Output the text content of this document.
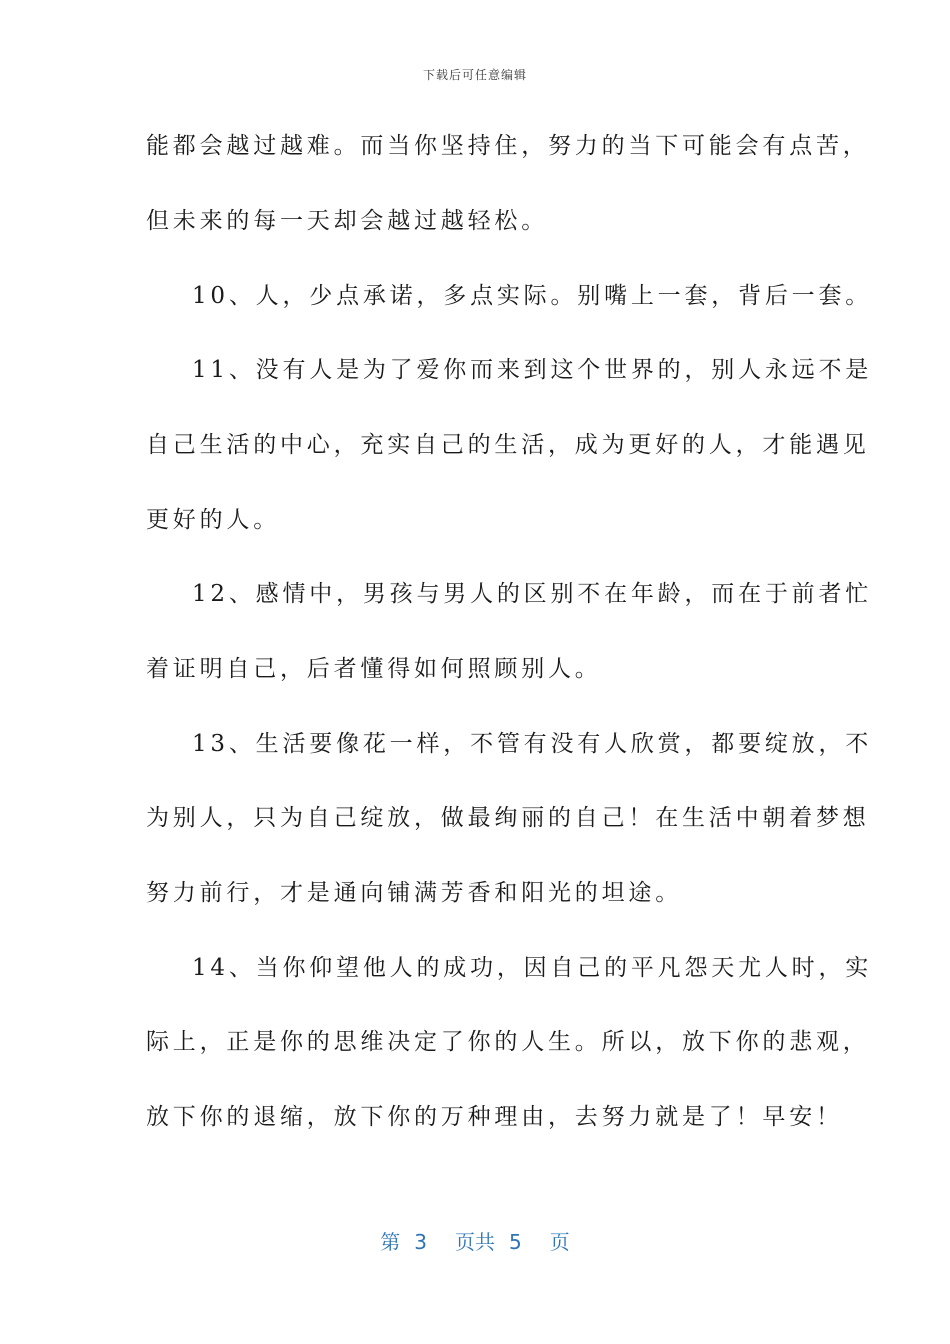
下载后可任意编辑
能都会越过越难。而当你坚持住，努力的当下可能会有点苦，
但未来的每一天却会越过越轻松。
10、人，少点承诺，多点实际。别嘴上一套，背后一套。
11、没有人是为了爱你而来到这个世界的，别人永远不是
自己生活的中心，充实自己的生活，成为更好的人，才能遇见
更好的人。
12、感情中，男孩与男人的区别不在年龄，而在于前者忙
着证明自己，后者懂得如何照顾别人。
13、生活要像花一样，不管有没有人欣赏，都要绽放，不
为别人，只为自己绽放，做最绚丽的自己！在生活中朝着梦想
努力前行，才是通向铺满芳香和阳光的坦途。
14、当你仰望他人的成功，因自己的平凡怨天尤人时，实
际上，正是你的思维决定了你的人生。所以，放下你的悲观，
放下你的退缩，放下你的万种理由，去努力就是了！早安！
第 3 页共 5 页
